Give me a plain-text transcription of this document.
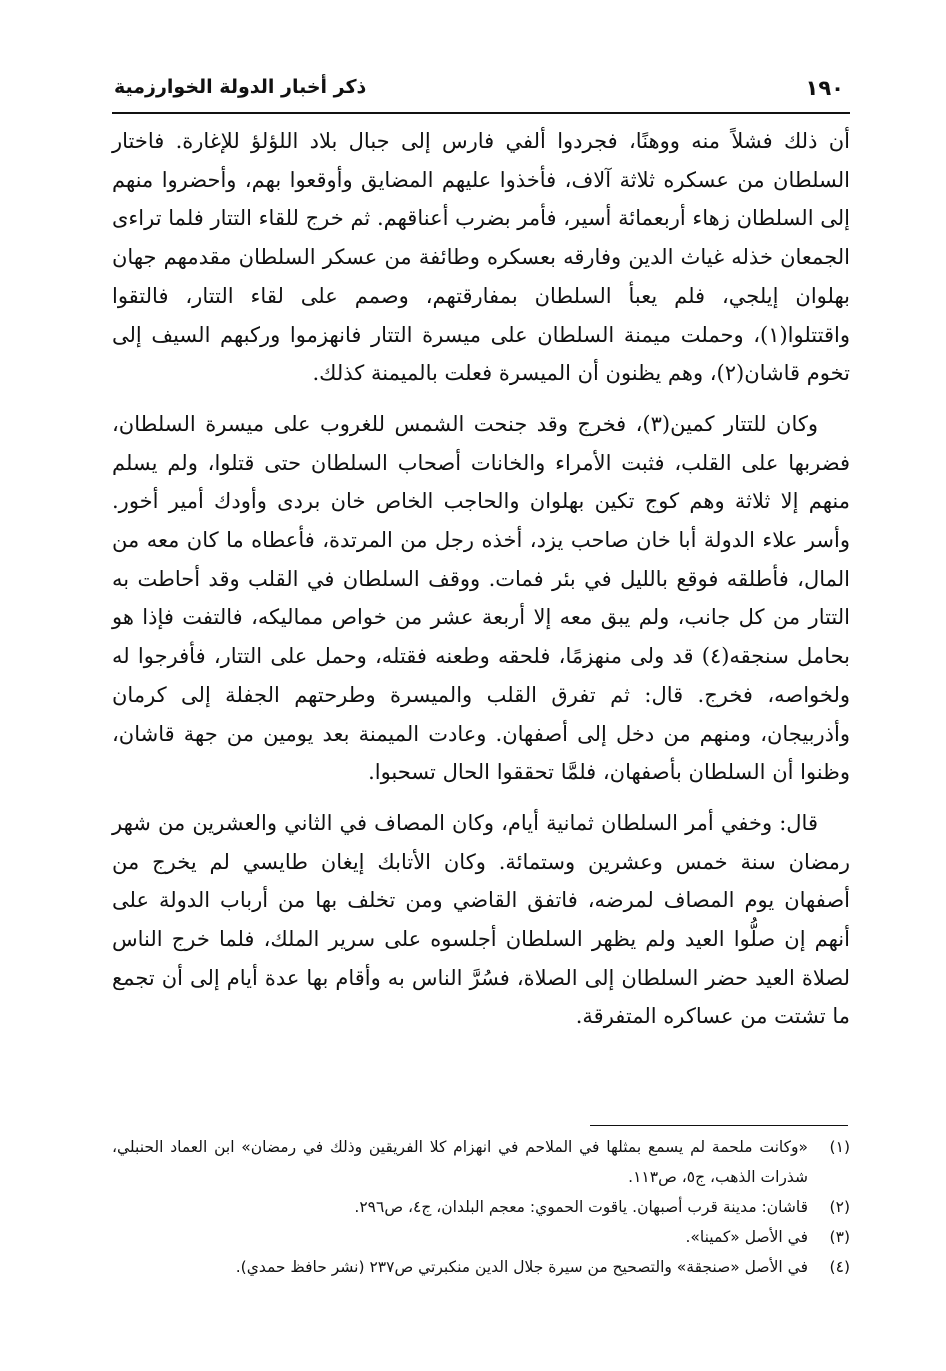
١٩٠
ذكر أخبار الدولة الخوارزمية

أن ذلك فشلاً منه ووهنًا، فجردوا ألفي فارس إلى جبال بلاد اللؤلؤ للإغارة. فاختار السلطان من عسكره ثلاثة آلاف، فأخذوا عليهم المضايق وأوقعوا بهم، وأحضروا منهم إلى السلطان زهاء أربعمائة أسير، فأمر بضرب أعناقهم. ثم خرج للقاء التتار فلما تراءى الجمعان خذله غياث الدين وفارقه بعسكره وطائفة من عسكر السلطان مقدمهم جهان بهلوان إيلجي، فلم يعبأ السلطان بمفارقتهم، وصمم على لقاء التتار، فالتقوا واقتتلوا(١)، وحملت ميمنة السلطان على ميسرة التتار فانهزموا وركبهم السيف إلى تخوم قاشان(٢)، وهم يظنون أن الميسرة فعلت بالميمنة كذلك.

وكان للتتار كمين(٣)، فخرج وقد جنحت الشمس للغروب على ميسرة السلطان، فضربها على القلب، فثبت الأمراء والخانات أصحاب السلطان حتى قتلوا، ولم يسلم منهم إلا ثلاثة وهم كوج تكين بهلوان والحاجب الخاص خان بردى وأودك أمير أخور. وأسر علاء الدولة أبا خان صاحب يزد، أخذه رجل من المرتدة، فأعطاه ما كان معه من المال، فأطلقه فوقع بالليل في بئر فمات. ووقف السلطان في القلب وقد أحاطت به التتار من كل جانب، ولم يبق معه إلا أربعة عشر من خواص مماليكه، فالتفت فإذا هو بحامل سنجقه(٤) قد ولى منهزمًا، فلحقه وطعنه فقتله، وحمل على التتار، فأفرجوا له ولخواصه، فخرج. قال: ثم تفرق القلب والميسرة وطرحتهم الجفلة إلى كرمان وأذربيجان، ومنهم من دخل إلى أصفهان. وعادت الميمنة بعد يومين من جهة قاشان، وظنوا أن السلطان بأصفهان، فلمَّا تحققوا الحال تسحبوا.

قال: وخفي أمر السلطان ثمانية أيام، وكان المصاف في الثاني والعشرين من شهر رمضان سنة خمس وعشرين وستمائة. وكان الأتابك إيغان طايسي لم يخرج من أصفهان يوم المصاف لمرضه، فاتفق القاضي ومن تخلف بها من أرباب الدولة على أنهم إن صلُّوا العيد ولم يظهر السلطان أجلسوه على سرير الملك، فلما خرج الناس لصلاة العيد حضر السلطان إلى الصلاة، فسُرَّ الناس به وأقام بها عدة أيام إلى أن تجمع ما تشتت من عساكره المتفرقة.

(١)
«وكانت ملحمة لم يسمع بمثلها في الملاحم في انهزام كلا الفريقين وذلك في رمضان» ابن العماد الحنبلي، شذرات الذهب، ج٥، ص١١٣.
(٢)
قاشان: مدينة قرب أصبهان. ياقوت الحموي: معجم البلدان، ج٤، ص٢٩٦.
(٣)
في الأصل «كمينا».
(٤)
في الأصل «صنجقة» والتصحيح من سيرة جلال الدين منكبرتي ص٢٣٧ (نشر حافظ حمدي).
